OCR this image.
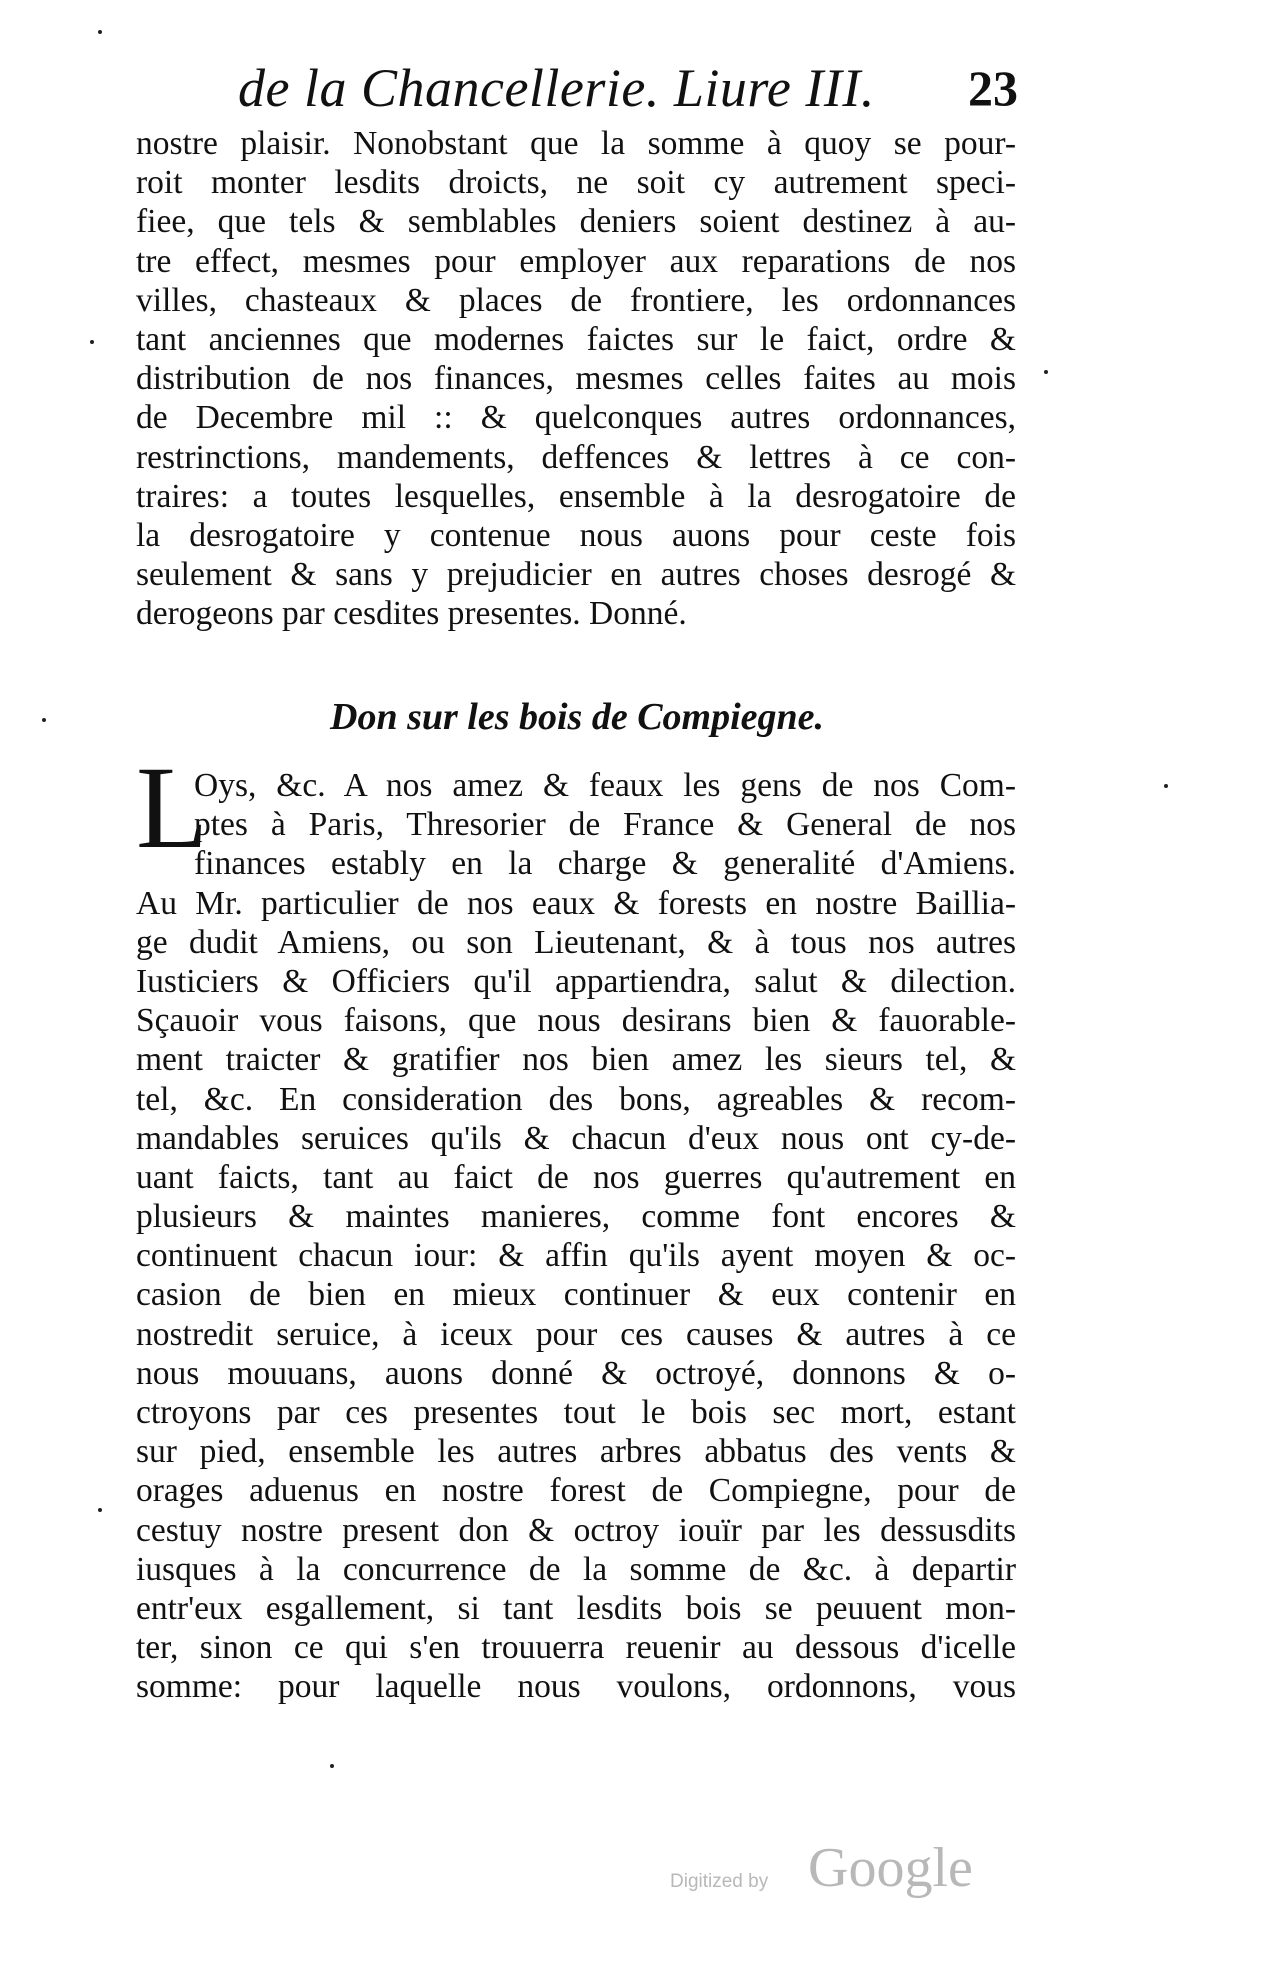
de la Chancellerie. Liure III.	23
nostre plaisir. Nonobstant que la somme à quoy se pour-
roit monter lesdits droicts, ne soit cy autrement speci-
fiee, que tels & semblables deniers soient destinez à au-
tre effect, mesmes pour employer aux reparations de nos
villes, chasteaux & places de frontiere, les ordonnances
tant anciennes que modernes faictes sur le faict, ordre &
distribution de nos finances, mesmes celles faites au mois
de Decembre mil :: & quelconques autres ordonnances,
restrinctions, mandements, deffences & lettres à ce con-
traires: a toutes lesquelles, ensemble à la desrogatoire de
la desrogatoire y contenue nous auons pour ceste fois
seulement & sans y prejudicier en autres choses desrogé &
derogeons par cesdites presentes. Donné.
Don sur les bois de Compiegne.
L
Oys, &c. A nos amez & feaux les gens de nos Com-
ptes à Paris, Thresorier de France & General de nos
finances estably en la charge & generalité d'Amiens.
Au Mr. particulier de nos eaux & forests en nostre Bailliа-
ge dudit Amiens, ou son Lieutenant, & à tous nos autres
Iusticiers & Officiers qu'il appartiendra, salut & dilection.
Sçauoir vous faisons, que nous desirans bien & fauorable-
ment traicter & gratifier nos bien amez les sieurs tel, &
tel, &c. En consideration des bons, agreables & recom-
mandables seruices qu'ils & chacun d'eux nous ont cy-de-
uant faicts, tant au faict de nos guerres qu'autrement en
plusieurs & maintes manieres, comme font encores &
continuent chacun iour: & affin qu'ils ayent moyen & oc-
casion de bien en mieux continuer & eux contenir en
nostredit seruice, à iceux pour ces causes & autres à ce
nous mouuans, auons donné & octroyé, donnons & o-
ctroyons par ces presentes tout le bois sec mort, estant
sur pied, ensemble les autres arbres abbatus des vents &
orages aduenus en nostre forest de Compiegne, pour de
cestuy nostre present don & octroy iouïr par les dessusdits
iusques à la concurrence de la somme de &c. à departir
entr'eux esgallement, si tant lesdits bois se peuuent mon-
ter, sinon ce qui s'en trouuerra reuenir au dessous d'icelle
somme: pour laquelle nous voulons, ordonnons, vous
Digitized by Google
